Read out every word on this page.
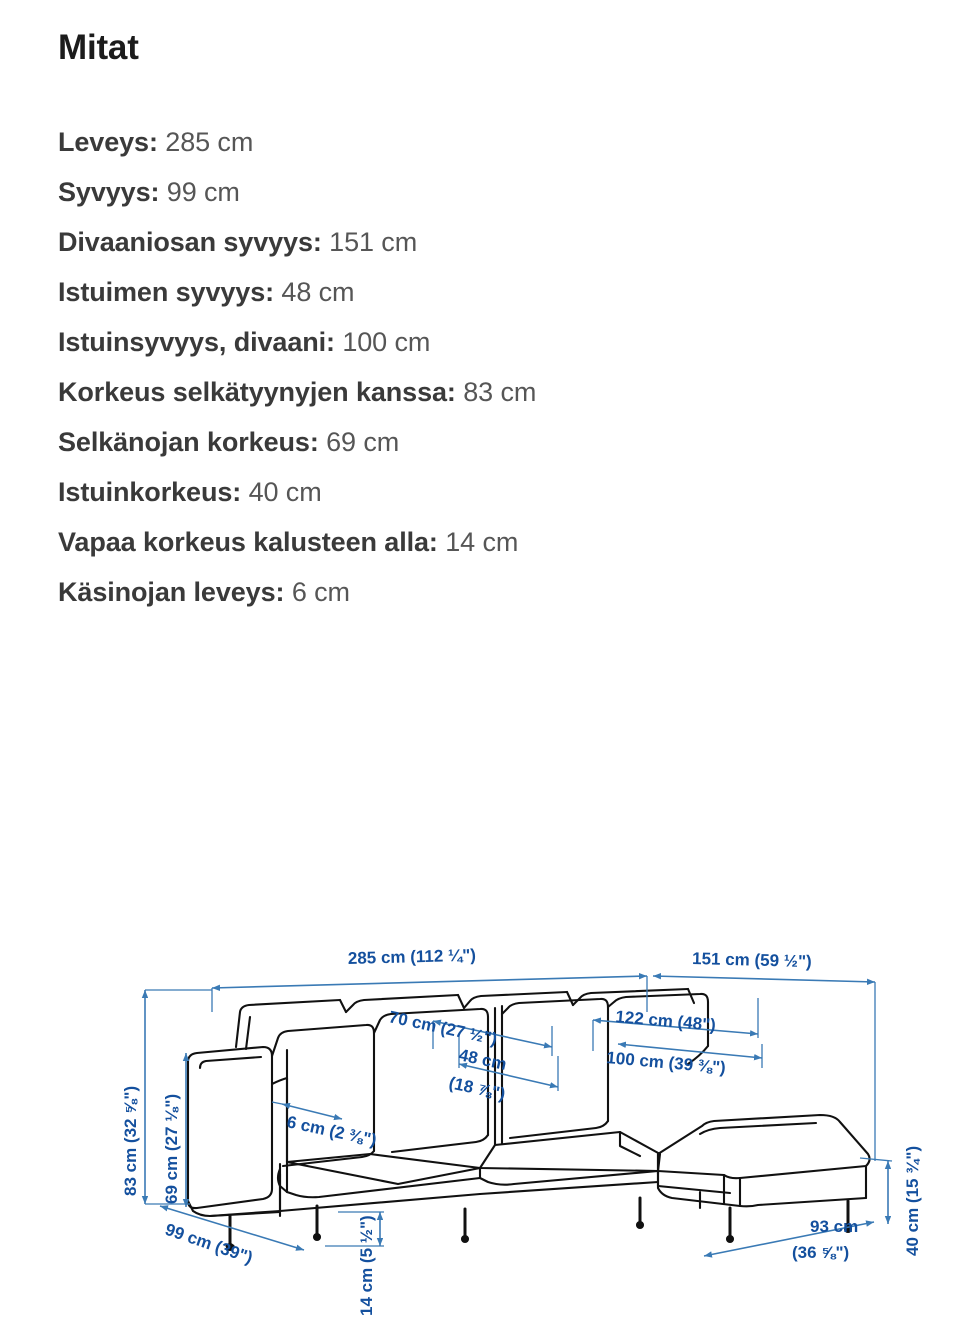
Mitat
Leveys: 285 cm
Syvyys: 99 cm
Divaaniosan syvyys: 151 cm
Istuimen syvyys: 48 cm
Istuinsyvyys, divaani: 100 cm
Korkeus selkätyynyjen kanssa: 83 cm
Selkänojan korkeus: 69 cm
Istuinkorkeus: 40 cm
Vapaa korkeus kalusteen alla: 14 cm
Käsinojan leveys: 6 cm
285 cm (112 ¼")	151 cm (59 ½")
70 cm (27 ½")	122 cm (48")
48 cm
(18 ⅞")
100 cm (39 ⅜")
6 cm (2 ⅜")
83 cm (32 ⅝") 69 cm (27 ⅛")
99 cm (39")	14 cm (5 ½")	93 cm
(36 ⅝")	40 cm (15 ¾")
